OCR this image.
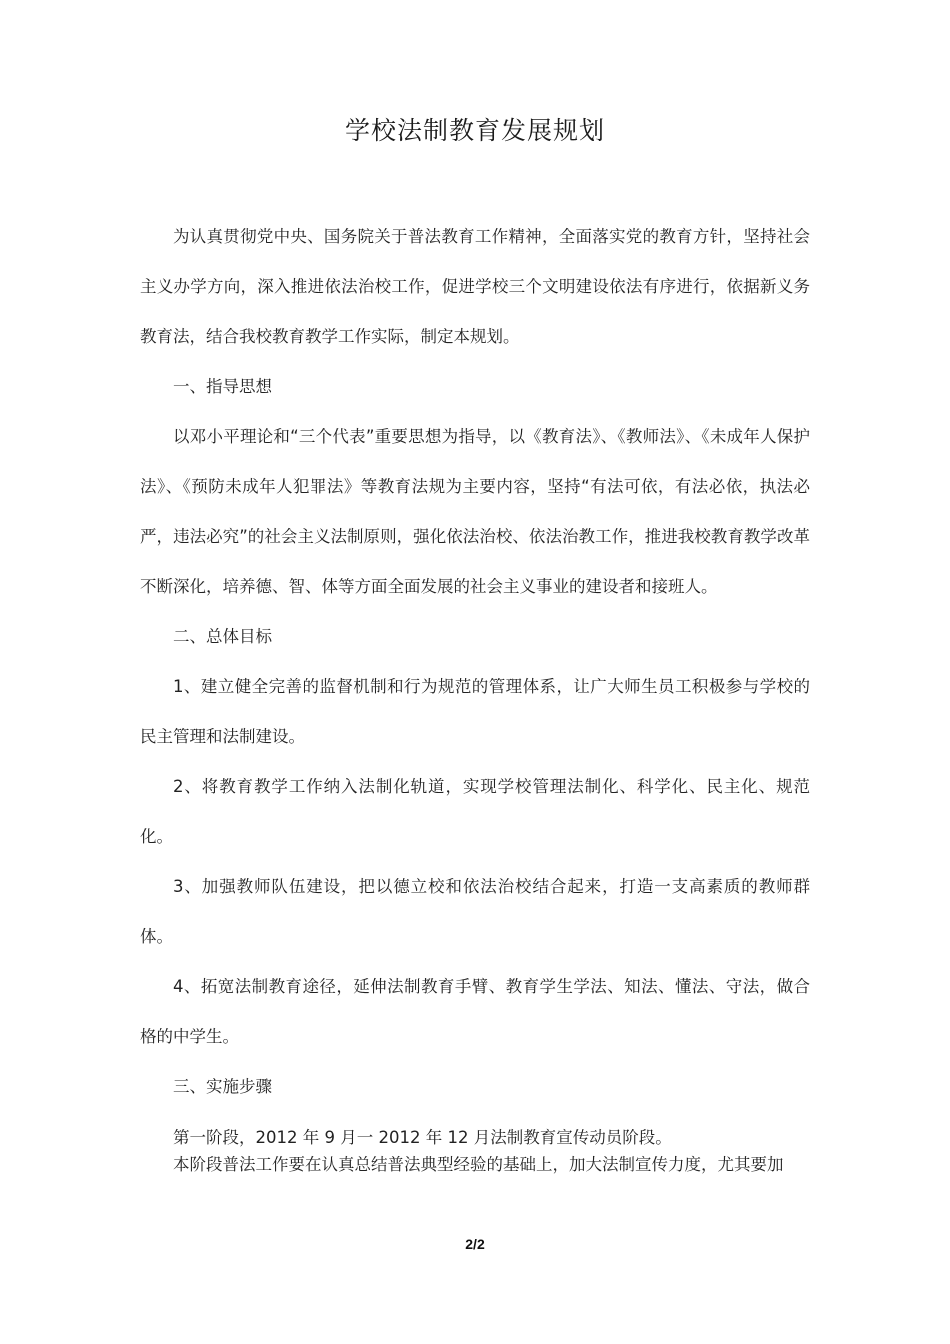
学校法制教育发展规划

为认真贯彻党中央、国务院关于普法教育工作精神，全面落实党的教育方针，坚持社会主义办学方向，深入推进依法治校工作，促进学校三个文明建设依法有序进行，依据新义务教育法，结合我校教育教学工作实际，制定本规划。

一、指导思想

以邓小平理论和“三个代表”重要思想为指导，以《教育法》、《教师法》、《未成年人保护法》、《预防未成年人犯罪法》等教育法规为主要内容，坚持“有法可依，有法必依，执法必严，违法必究”的社会主义法制原则，强化依法治校、依法治教工作，推进我校教育教学改革不断深化，培养德、智、体等方面全面发展的社会主义事业的建设者和接班人。

二、总体目标

1、建立健全完善的监督机制和行为规范的管理体系，让广大师生员工积极参与学校的民主管理和法制建设。

2、将教育教学工作纳入法制化轨道，实现学校管理法制化、科学化、民主化、规范化。

3、加强教师队伍建设，把以德立校和依法治校结合起来，打造一支高素质的教师群体。

4、拓宽法制教育途径，延伸法制教育手臂、教育学生学法、知法、懂法、守法，做合格的中学生。

三、实施步骤

第一阶段，2012 年 9 月一 2012 年 12 月法制教育宣传动员阶段。

本阶段普法工作要在认真总结普法典型经验的基础上，加大法制宣传力度，尤其要加

2/2
